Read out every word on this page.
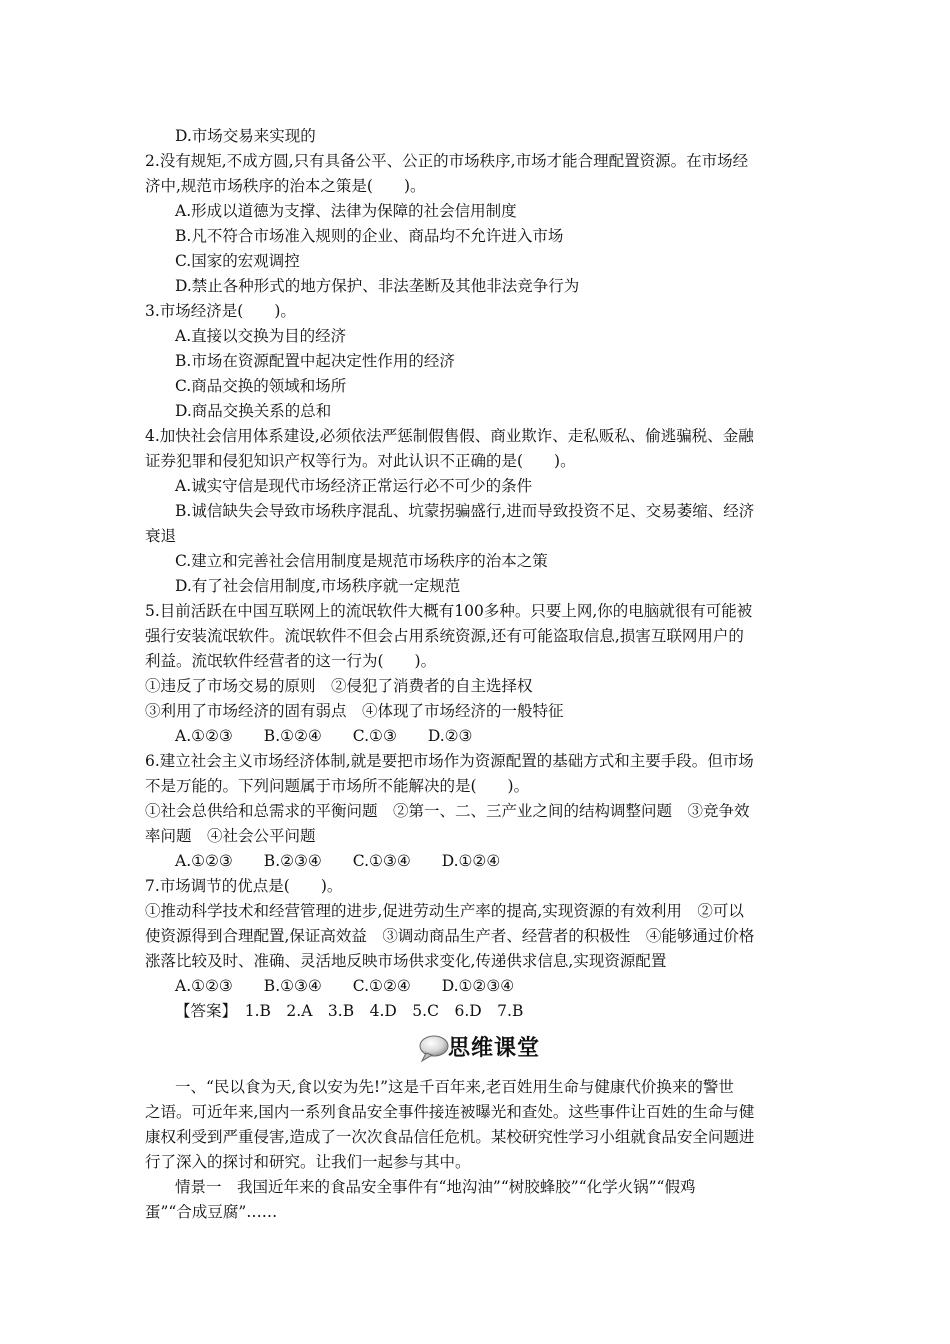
D.市场交易来实现的
2.没有规矩,不成方圆,只有具备公平、公正的市场秩序,市场才能合理配置资源。在市场经
济中,规范市场秩序的治本之策是(　　)。
A.形成以道德为支撑、法律为保障的社会信用制度
B.凡不符合市场准入规则的企业、商品均不允许进入市场
C.国家的宏观调控
D.禁止各种形式的地方保护、非法垄断及其他非法竞争行为
3.市场经济是(　　)。
A.直接以交换为目的经济
B.市场在资源配置中起决定性作用的经济
C.商品交换的领域和场所
D.商品交换关系的总和
4.加快社会信用体系建设,必须依法严惩制假售假、商业欺诈、走私贩私、偷逃骗税、金融
证券犯罪和侵犯知识产权等行为。对此认识不正确的是(　　)。
A.诚实守信是现代市场经济正常运行必不可少的条件
B.诚信缺失会导致市场秩序混乱、坑蒙拐骗盛行,进而导致投资不足、交易萎缩、经济
衰退
C.建立和完善社会信用制度是规范市场秩序的治本之策
D.有了社会信用制度,市场秩序就一定规范
5.目前活跃在中国互联网上的流氓软件大概有100多种。只要上网,你的电脑就很有可能被
强行安装流氓软件。流氓软件不但会占用系统资源,还有可能盗取信息,损害互联网用户的
利益。流氓软件经营者的这一行为(　　)。
①违反了市场交易的原则　②侵犯了消费者的自主选择权
③利用了市场经济的固有弱点　④体现了市场经济的一般特征
A.①②③　　B.①②④　　C.①③　　D.②③
6.建立社会主义市场经济体制,就是要把市场作为资源配置的基础方式和主要手段。但市场
不是万能的。下列问题属于市场所不能解决的是(　　)。
①社会总供给和总需求的平衡问题　②第一、二、三产业之间的结构调整问题　③竞争效
率问题　④社会公平问题
A.①②③　　B.②③④　　C.①③④　　D.①②④
7.市场调节的优点是(　　)。
①推动科学技术和经营管理的进步,促进劳动生产率的提高,实现资源的有效利用　②可以
使资源得到合理配置,保证高效益　③调动商品生产者、经营者的积极性　④能够通过价格
涨落比较及时、准确、灵活地反映市场供求变化,传递供求信息,实现资源配置
A.①②③　　B.①③④　　C.①②④　　D.①②③④
【答案】　1.B　2.A　3.B　4.D　5.C　6.D　7.B
思维课堂
一、“民以食为天,食以安为先!”这是千百年来,老百姓用生命与健康代价换来的警世
之语。可近年来,国内一系列食品安全事件接连被曝光和查处。这些事件让百姓的生命与健
康权利受到严重侵害,造成了一次次食品信任危机。某校研究性学习小组就食品安全问题进
行了深入的探讨和研究。让我们一起参与其中。
情景一　我国近年来的食品安全事件有“地沟油”“树胶蜂胶”“化学火锅”“假鸡
蛋”“合成豆腐”……
